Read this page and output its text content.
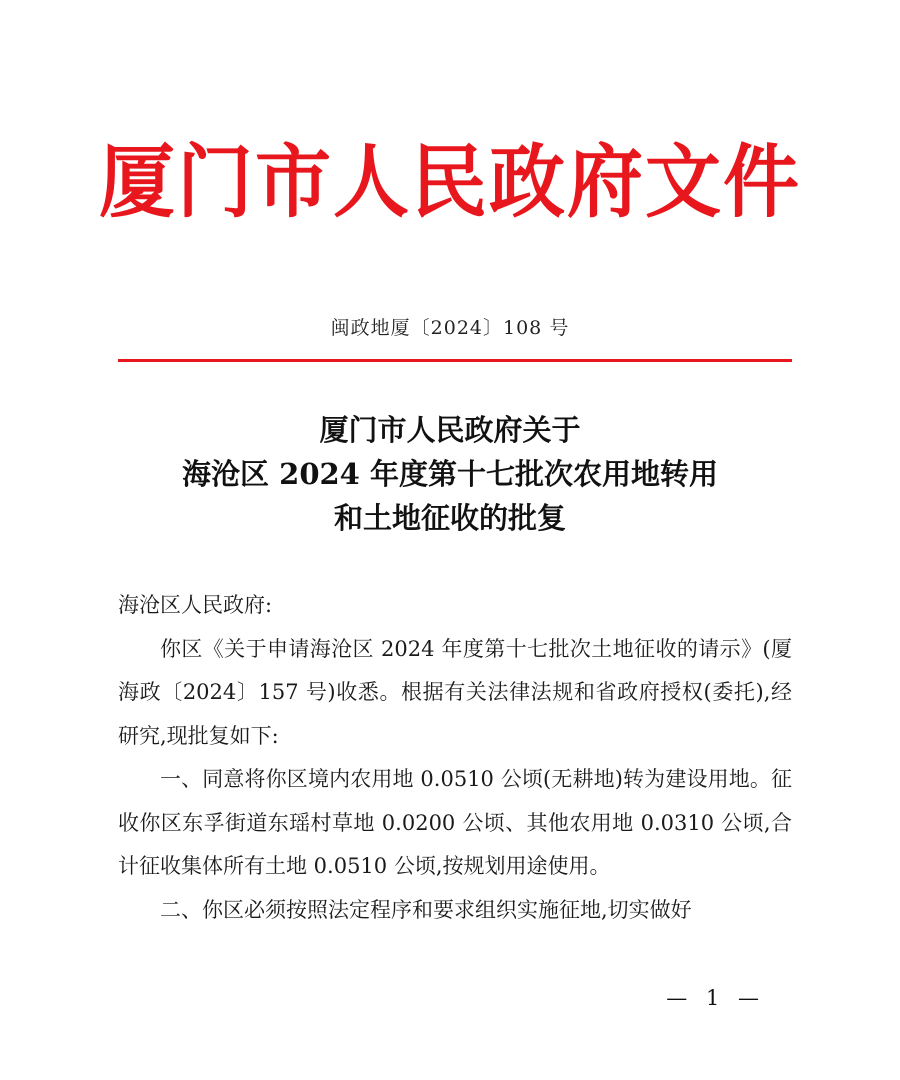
厦门市人民政府文件
闽政地厦〔2024〕108 号
厦门市人民政府关于
海沧区 2024 年度第十七批次农用地转用
和土地征收的批复

海沧区人民政府:

你区《关于申请海沧区 2024 年度第十七批次土地征收的请示》(厦海政〔2024〕157 号)收悉。根据有关法律法规和省政府授权(委托),经研究,现批复如下:

一、同意将你区境内农用地 0.0510 公顷(无耕地)转为建设用地。征收你区东孚街道东瑶村草地 0.0200 公顷、其他农用地 0.0310 公顷,合计征收集体所有土地 0.0510 公顷,按规划用途使用。

二、你区必须按照法定程序和要求组织实施征地,切实做好

— 1 —
